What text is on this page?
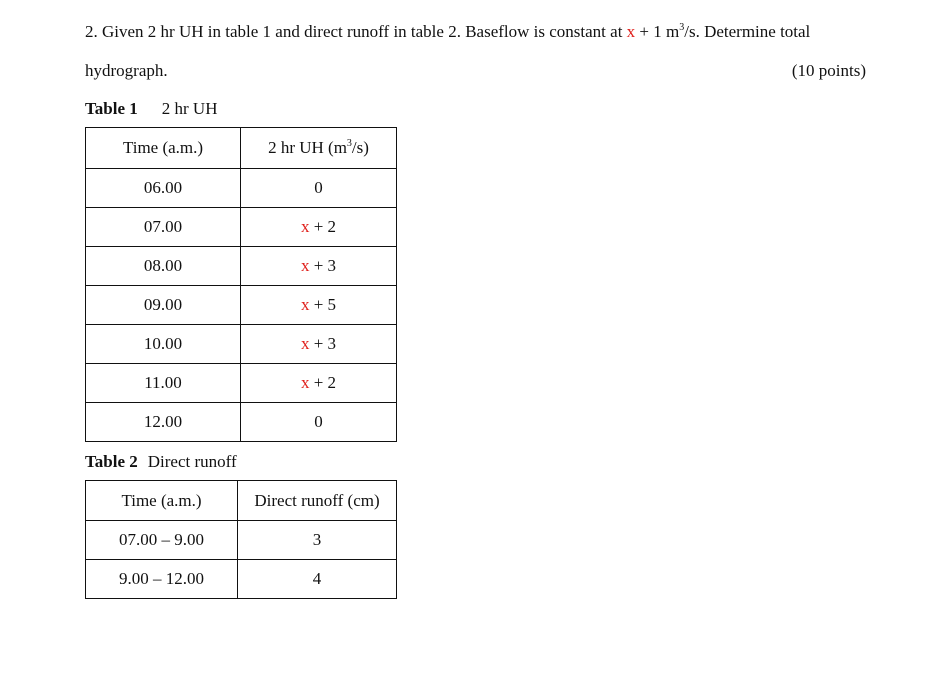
2. Given 2 hr UH in table 1 and direct runoff in table 2. Baseflow is constant at x + 1 $m^3/s$. Determine total
hydrograph.	(10 points)
Table 1 2 hr UH
Time (a.m.)	2 hr UH $(m^3/s)$
06.00	0
07.00	x + 2
08.00	x + 3
09.00	x + 5
10.00	x + 3
11.00	x + 2
12.00	0
Table 2 Direct runoff
Time (a.m.)	Direct runoff (cm)
07.00 – 9.00	3
9.00 – 12.00	4
